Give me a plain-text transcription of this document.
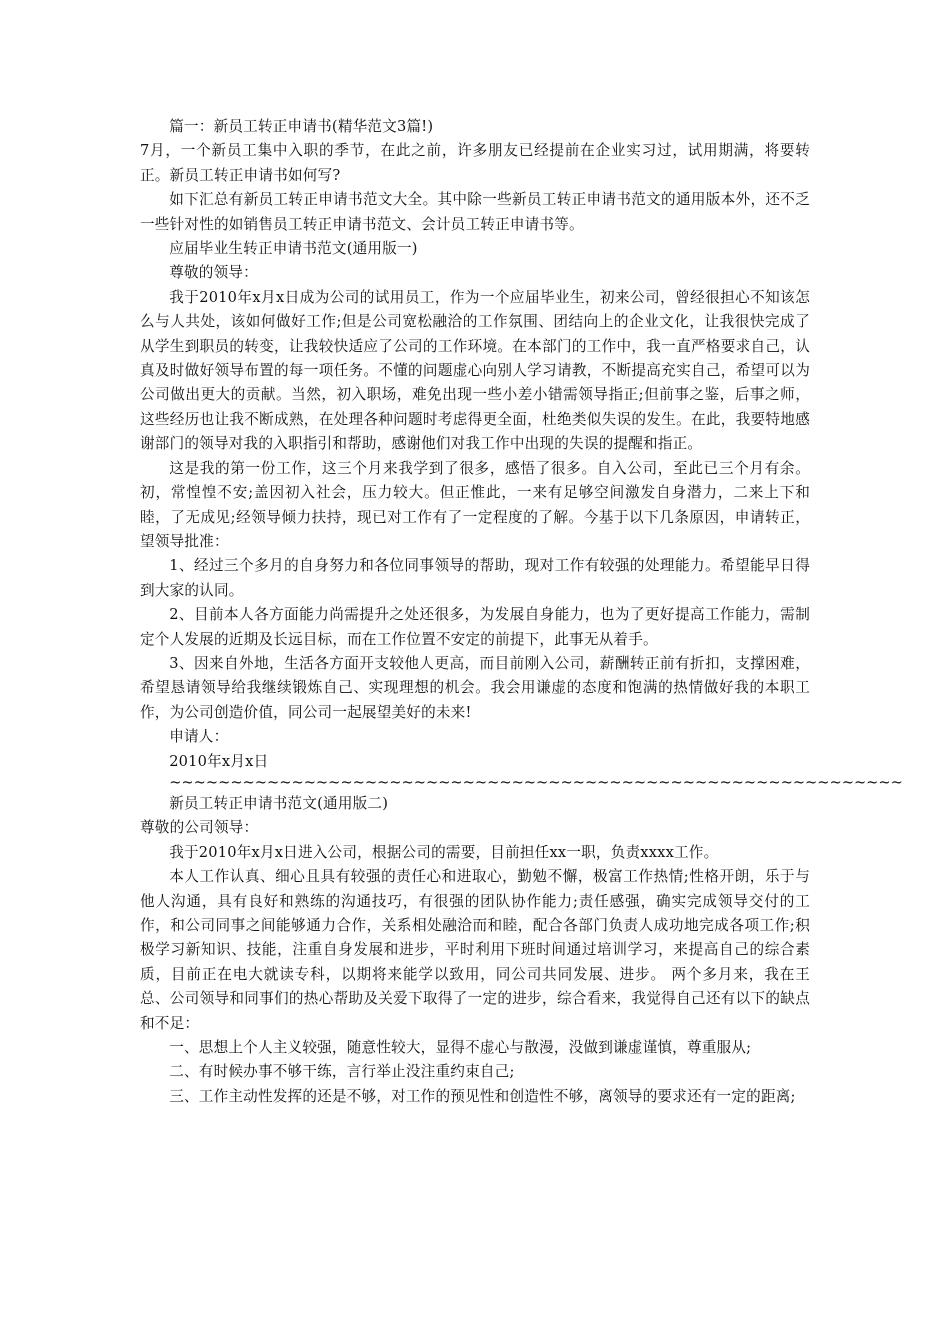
篇一：新员工转正申请书(精华范文3篇!)

7月，一个新员工集中入职的季节，在此之前，许多朋友已经提前在企业实习过，试用期满，将要转正。新员工转正申请书如何写?

如下汇总有新员工转正申请书范文大全。其中除一些新员工转正申请书范文的通用版本外，还不乏一些针对性的如销售员工转正申请书范文、会计员工转正申请书等。

应届毕业生转正申请书范文(通用版一)

尊敬的领导：

我于2010年x月x日成为公司的试用员工，作为一个应届毕业生，初来公司，曾经很担心不知该怎么与人共处，该如何做好工作;但是公司宽松融洽的工作氛围、团结向上的企业文化，让我很快完成了从学生到职员的转变，让我较快适应了公司的工作环境。在本部门的工作中，我一直严格要求自己，认真及时做好领导布置的每一项任务。不懂的问题虚心向别人学习请教，不断提高充实自己，希望可以为公司做出更大的贡献。当然，初入职场，难免出现一些小差小错需领导指正;但前事之鉴，后事之师，这些经历也让我不断成熟，在处理各种问题时考虑得更全面，杜绝类似失误的发生。在此，我要特地感谢部门的领导对我的入职指引和帮助，感谢他们对我工作中出现的失误的提醒和指正。

这是我的第一份工作，这三个月来我学到了很多，感悟了很多。自入公司，至此已三个月有余。初，常惶惶不安;盖因初入社会，压力较大。但正惟此，一来有足够空间激发自身潜力，二来上下和睦，了无成见;经领导倾力扶持，现已对工作有了一定程度的了解。今基于以下几条原因，申请转正，望领导批准：

1、经过三个多月的自身努力和各位同事领导的帮助，现对工作有较强的处理能力。希望能早日得到大家的认同。

2、目前本人各方面能力尚需提升之处还很多，为发展自身能力，也为了更好提高工作能力，需制定个人发展的近期及长远目标，而在工作位置不安定的前提下，此事无从着手。

3、因来自外地，生活各方面开支较他人更高，而目前刚入公司，薪酬转正前有折扣，支撑困难，希望恳请领导给我继续锻炼自己、实现理想的机会。我会用谦虚的态度和饱满的热情做好我的本职工作，为公司创造价值，同公司一起展望美好的未来!

申请人：

2010年x月x日

~~~~~~~~~~~~~~~~~~~~~~~~~~~~~~~~~~~~~~~~~~~~~~~~~~~~~~~~~~~~

新员工转正申请书范文(通用版二)

尊敬的公司领导：

我于2010年x月x日进入公司，根据公司的需要，目前担任xx一职，负责xxxx工作。

本人工作认真、细心且具有较强的责任心和进取心，勤勉不懈，极富工作热情;性格开朗，乐于与他人沟通，具有良好和熟练的沟通技巧，有很强的团队协作能力;责任感强，确实完成领导交付的工作，和公司同事之间能够通力合作，关系相处融洽而和睦，配合各部门负责人成功地完成各项工作;积极学习新知识、技能，注重自身发展和进步，平时利用下班时间通过培训学习，来提高自己的综合素质，目前正在电大就读专科，以期将来能学以致用，同公司共同发展、进步。 两个多月来，我在王总、公司领导和同事们的热心帮助及关爱下取得了一定的进步，综合看来，我觉得自己还有以下的缺点和不足：

一、思想上个人主义较强，随意性较大，显得不虚心与散漫，没做到谦虚谨慎，尊重服从;

二、有时候办事不够干练，言行举止没注重约束自己;

三、工作主动性发挥的还是不够，对工作的预见性和创造性不够，离领导的要求还有一定的距离;
